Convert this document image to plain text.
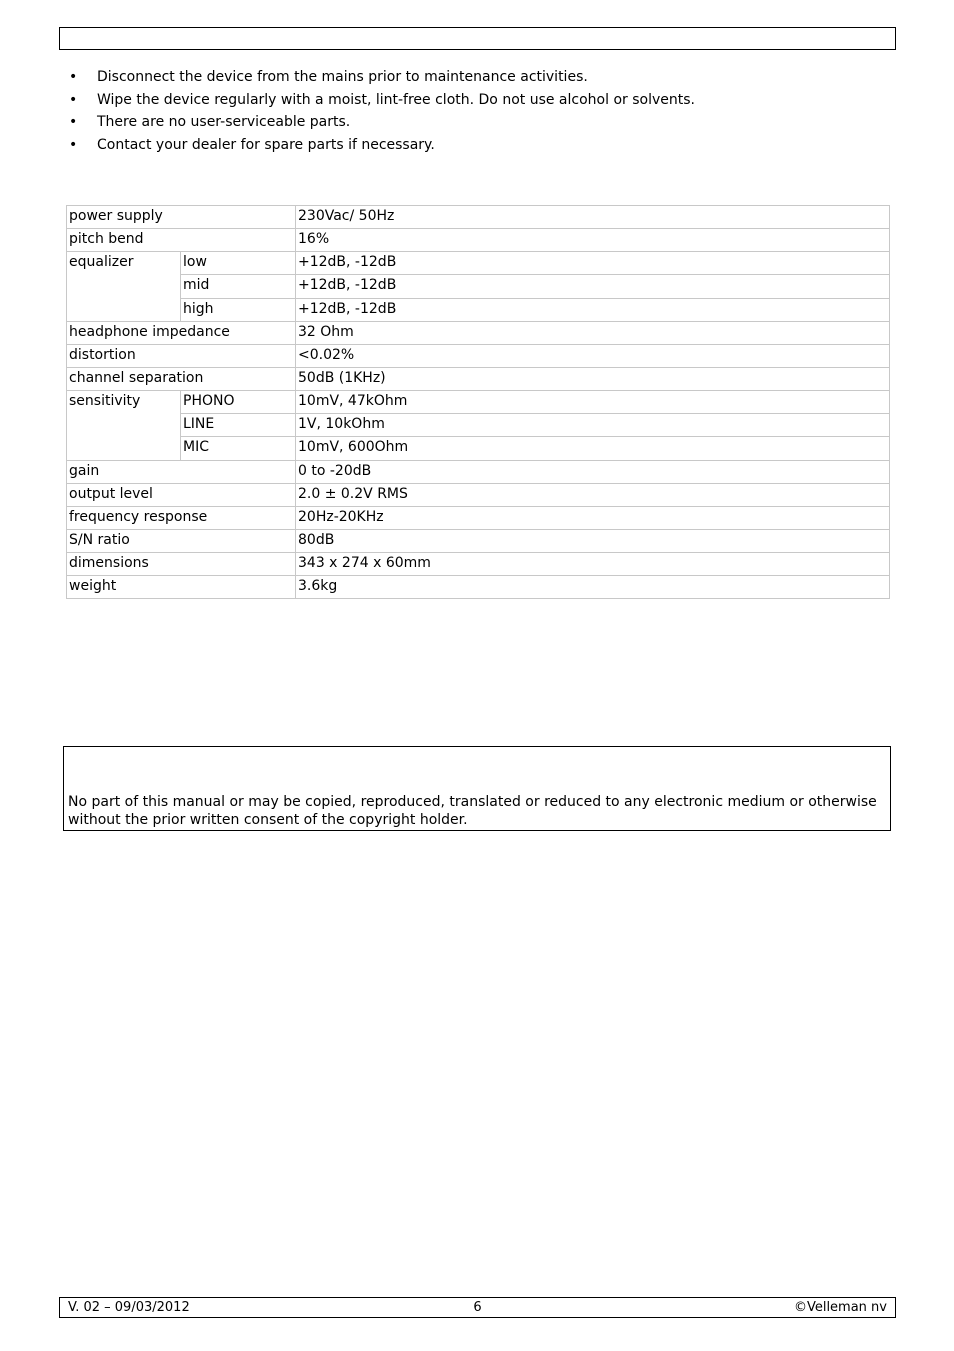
• Disconnect the device from the mains prior to maintenance activities.
• Wipe the device regularly with a moist, lint-free cloth. Do not use alcohol or solvents.
• There are no user-serviceable parts.
• Contact your dealer for spare parts if necessary.
power supply		230Vac/ 50Hz
pitch bend		16%
equalizer	low	+12dB, -12dB
	mid	+12dB, -12dB
	high	+12dB, -12dB
headphone impedance		32 Ohm
distortion		<0.02%
channel separation		50dB (1KHz)
sensitivity	PHONO	10mV, 47kOhm
	LINE	1V, 10kOhm
	MIC	10mV, 600Ohm
gain		0 to -20dB
output level		2.0 ± 0.2V RMS
frequency response		20Hz-20KHz
S/N ratio		80dB
dimensions		343 x 274 x 60mm
weight		3.6kg

No part of this manual or may be copied, reproduced, translated or reduced to any electronic medium or otherwise without the prior written consent of the copyright holder.

6
V. 02 – 09/03/2012	©Velleman nv
